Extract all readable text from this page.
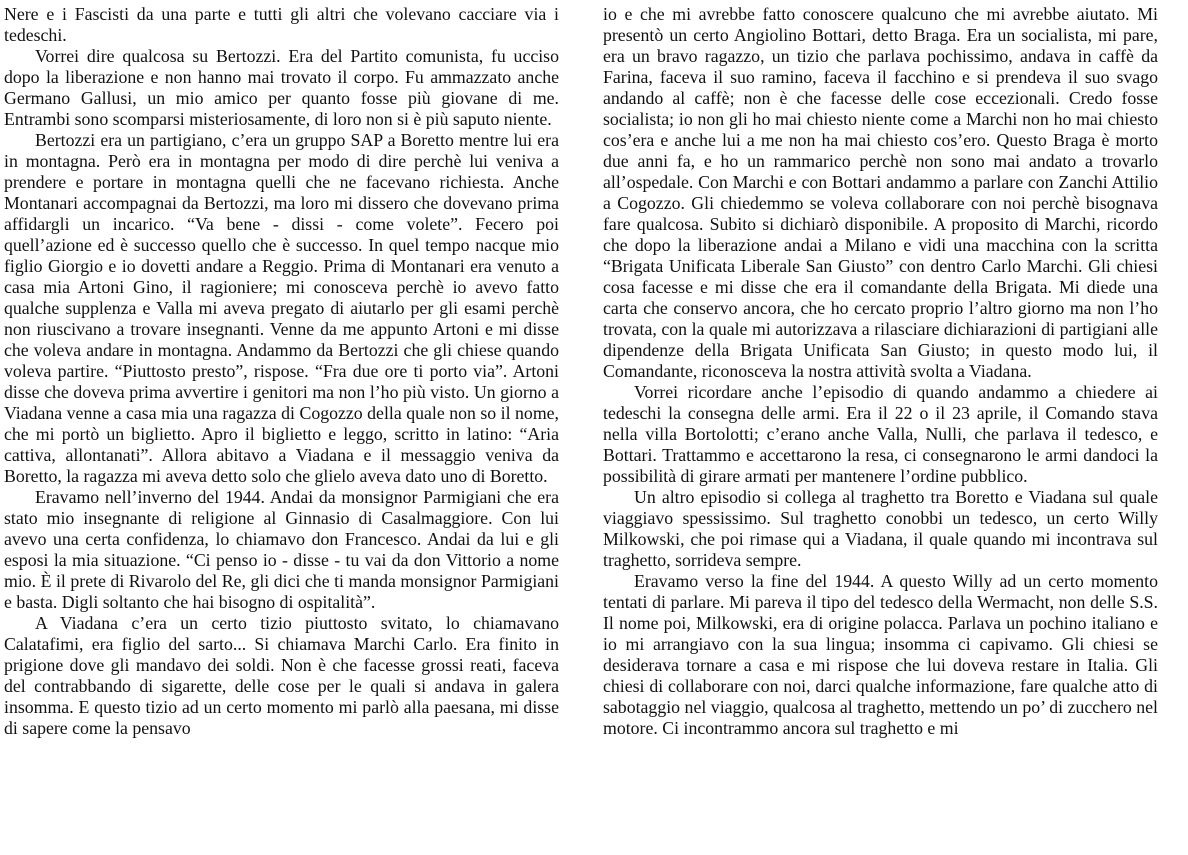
Nere e i Fascisti da una parte e tutti gli altri che volevano cacciare via i tedeschi.

Vorrei dire qualcosa su Bertozzi. Era del Partito comunista, fu ucciso dopo la liberazione e non hanno mai trovato il corpo. Fu ammazzato anche Germano Gallusi, un mio amico per quanto fosse più giovane di me. Entrambi sono scomparsi misteriosamente, di loro non si è più saputo niente.

Bertozzi era un partigiano, c’era un gruppo SAP a Boretto mentre lui era in montagna. Però era in montagna per modo di dire perchè lui veniva a prendere e portare in montagna quelli che ne facevano richiesta. Anche Montanari accompagnai da Bertozzi, ma loro mi dissero che dovevano prima affidargli un incarico. “Va bene - dissi - come volete”. Fecero poi quell’azione ed è successo quello che è successo. In quel tempo nacque mio figlio Giorgio e io dovetti andare a Reggio. Prima di Montanari era venuto a casa mia Artoni Gino, il ragioniere; mi conosceva perchè io avevo fatto qualche supplenza e Valla mi aveva pregato di aiutarlo per gli esami perchè non riuscivano a trovare insegnanti. Venne da me appunto Artoni e mi disse che voleva andare in montagna. Andammo da Bertozzi che gli chiese quando voleva partire. “Piuttosto presto”, rispose. “Fra due ore ti porto via”. Artoni disse che doveva prima avvertire i genitori ma non l’ho più visto. Un giorno a Viadana venne a casa mia una ragazza di Cogozzo della quale non so il nome, che mi portò un biglietto. Apro il biglietto e leggo, scritto in latino: “Aria cattiva, allontanati”. Allora abitavo a Viadana e il messaggio veniva da Boretto, la ragazza mi aveva detto solo che glielo aveva dato uno di Boretto.

Eravamo nell’inverno del 1944. Andai da monsignor Parmigiani che era stato mio insegnante di religione al Ginnasio di Casalmaggiore. Con lui avevo una certa confidenza, lo chiamavo don Francesco. Andai da lui e gli esposi la mia situazione. “Ci penso io - disse - tu vai da don Vittorio a nome mio. È il prete di Rivarolo del Re, gli dici che ti manda monsignor Parmigiani e basta. Digli soltanto che hai bisogno di ospitalità”.

A Viadana c’era un certo tizio piuttosto svitato, lo chiamavano Calatafimi, era figlio del sarto... Si chiamava Marchi Carlo. Era finito in prigione dove gli mandavo dei soldi. Non è che facesse grossi reati, faceva del contrabbando di sigarette, delle cose per le quali si andava in galera insomma. E questo tizio ad un certo momento mi parlò alla paesana, mi disse di sapere come la pensavo

io e che mi avrebbe fatto conoscere qualcuno che mi avrebbe aiutato. Mi presentò un certo Angiolino Bottari, detto Braga. Era un socialista, mi pare, era un bravo ragazzo, un tizio che parlava pochissimo, andava in caffè da Farina, faceva il suo ramino, faceva il facchino e si prendeva il suo svago andando al caffè; non è che facesse delle cose eccezionali. Credo fosse socialista; io non gli ho mai chiesto niente come a Marchi non ho mai chiesto cos’era e anche lui a me non ha mai chiesto cos’ero. Questo Braga è morto due anni fa, e ho un rammarico perchè non sono mai andato a trovarlo all’ospedale. Con Marchi e con Bottari andammo a parlare con Zanchi Attilio a Cogozzo. Gli chiedemmo se voleva collaborare con noi perchè bisognava fare qualcosa. Subito si dichiarò disponibile. A proposito di Marchi, ricordo che dopo la liberazione andai a Milano e vidi una macchina con la scritta “Brigata Unificata Liberale San Giusto” con dentro Carlo Marchi. Gli chiesi cosa facesse e mi disse che era il comandante della Brigata. Mi diede una carta che conservo ancora, che ho cercato proprio l’altro giorno ma non l’ho trovata, con la quale mi autorizzava a rilasciare dichiarazioni di partigiani alle dipendenze della Brigata Unificata San Giusto; in questo modo lui, il Comandante, riconosceva la nostra attività svolta a Viadana.

Vorrei ricordare anche l’episodio di quando andammo a chiedere ai tedeschi la consegna delle armi. Era il 22 o il 23 aprile, il Comando stava nella villa Bortolotti; c’erano anche Valla, Nulli, che parlava il tedesco, e Bottari. Trattammo e accettarono la resa, ci consegnarono le armi dandoci la possibilità di girare armati per mantenere l’ordine pubblico.

Un altro episodio si collega al traghetto tra Boretto e Viadana sul quale viaggiavo spessissimo. Sul traghetto conobbi un tedesco, un certo Willy Milkowski, che poi rimase qui a Viadana, il quale quando mi incontrava sul traghetto, sorrideva sempre.

Eravamo verso la fine del 1944. A questo Willy ad un certo momento tentati di parlare. Mi pareva il tipo del tedesco della Wermacht, non delle S.S. Il nome poi, Milkowski, era di origine polacca. Parlava un pochino italiano e io mi arrangiavo con la sua lingua; insomma ci capivamo. Gli chiesi se desiderava tornare a casa e mi rispose che lui doveva restare in Italia. Gli chiesi di collaborare con noi, darci qualche informazione, fare qualche atto di sabotaggio nel viaggio, qualcosa al traghetto, mettendo un po’ di zucchero nel motore. Ci incontrammo ancora sul traghetto e mi
